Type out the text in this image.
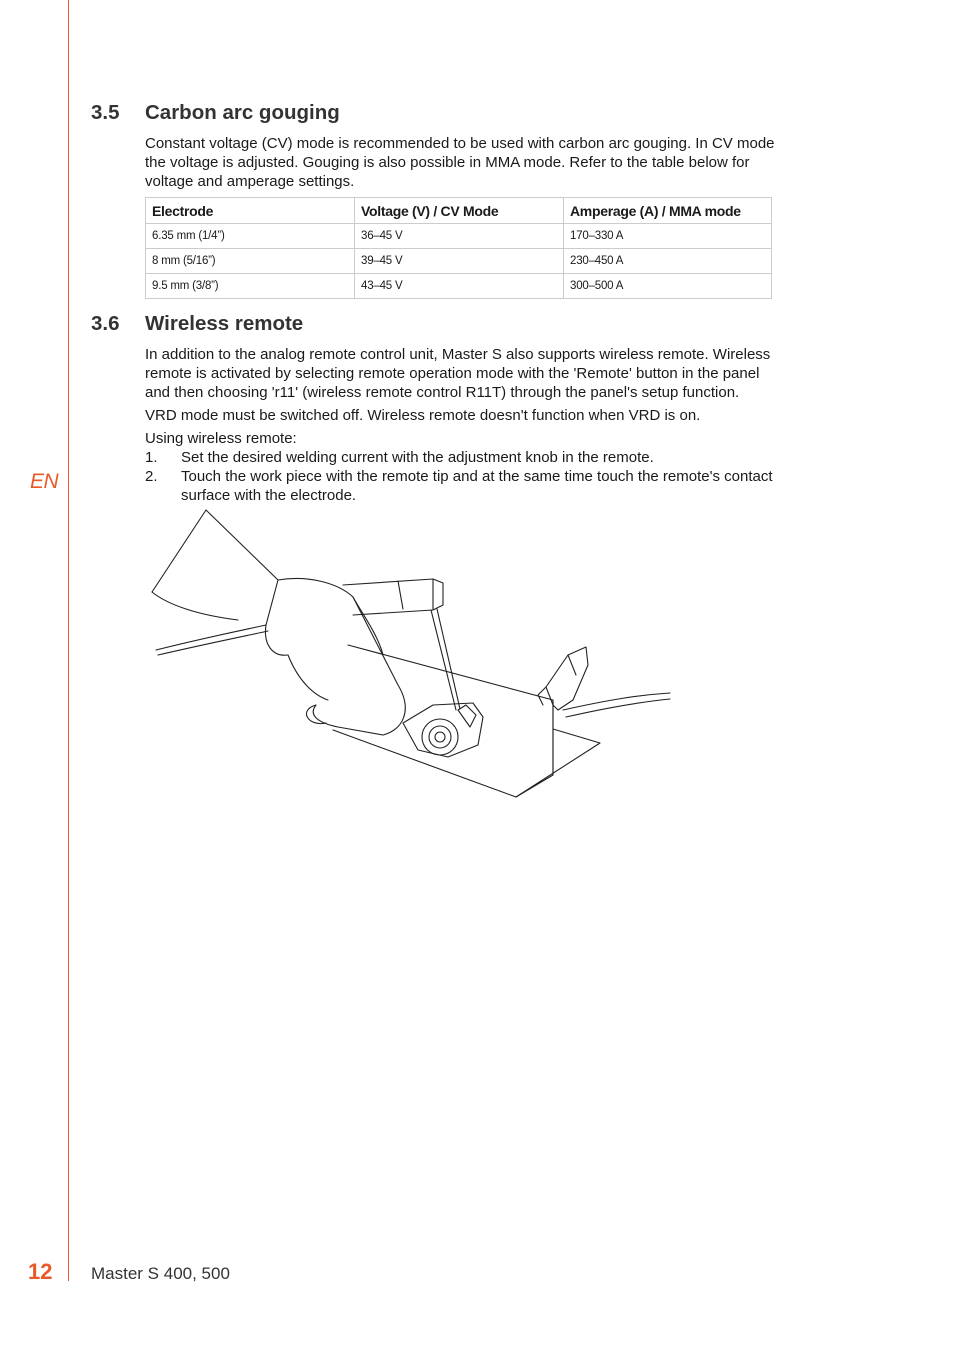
EN
3.5 Carbon arc gouging
Constant voltage (CV) mode is recommended to be used with carbon arc gouging. In CV mode the voltage is adjusted. Gouging is also possible in MMA mode. Refer to the table below for voltage and amperage settings.
Electrode	Voltage (V) / CV Mode	Amperage (A) / MMA mode
6.35 mm (1/4”)	36–45 V	170–330 A
8 mm (5/16”)	39–45 V	230–450 A
9.5 mm (3/8”)	43–45 V	300–500 A
3.6 Wireless remote
In addition to the analog remote control unit, Master S also supports wireless remote. Wireless remote is activated by selecting remote operation mode with the 'Remote' button in the panel and then choosing 'r11' (wireless remote control R11T) through the panel's setup function.
VRD mode must be switched off. Wireless remote doesn't function when VRD is on.
Using wireless remote:
1.	Set the desired welding current with the adjustment knob in the remote.
2.	Touch the work piece with the remote tip and at the same time touch the remote's contact surface with the electrode.
12 Master S 400, 500
